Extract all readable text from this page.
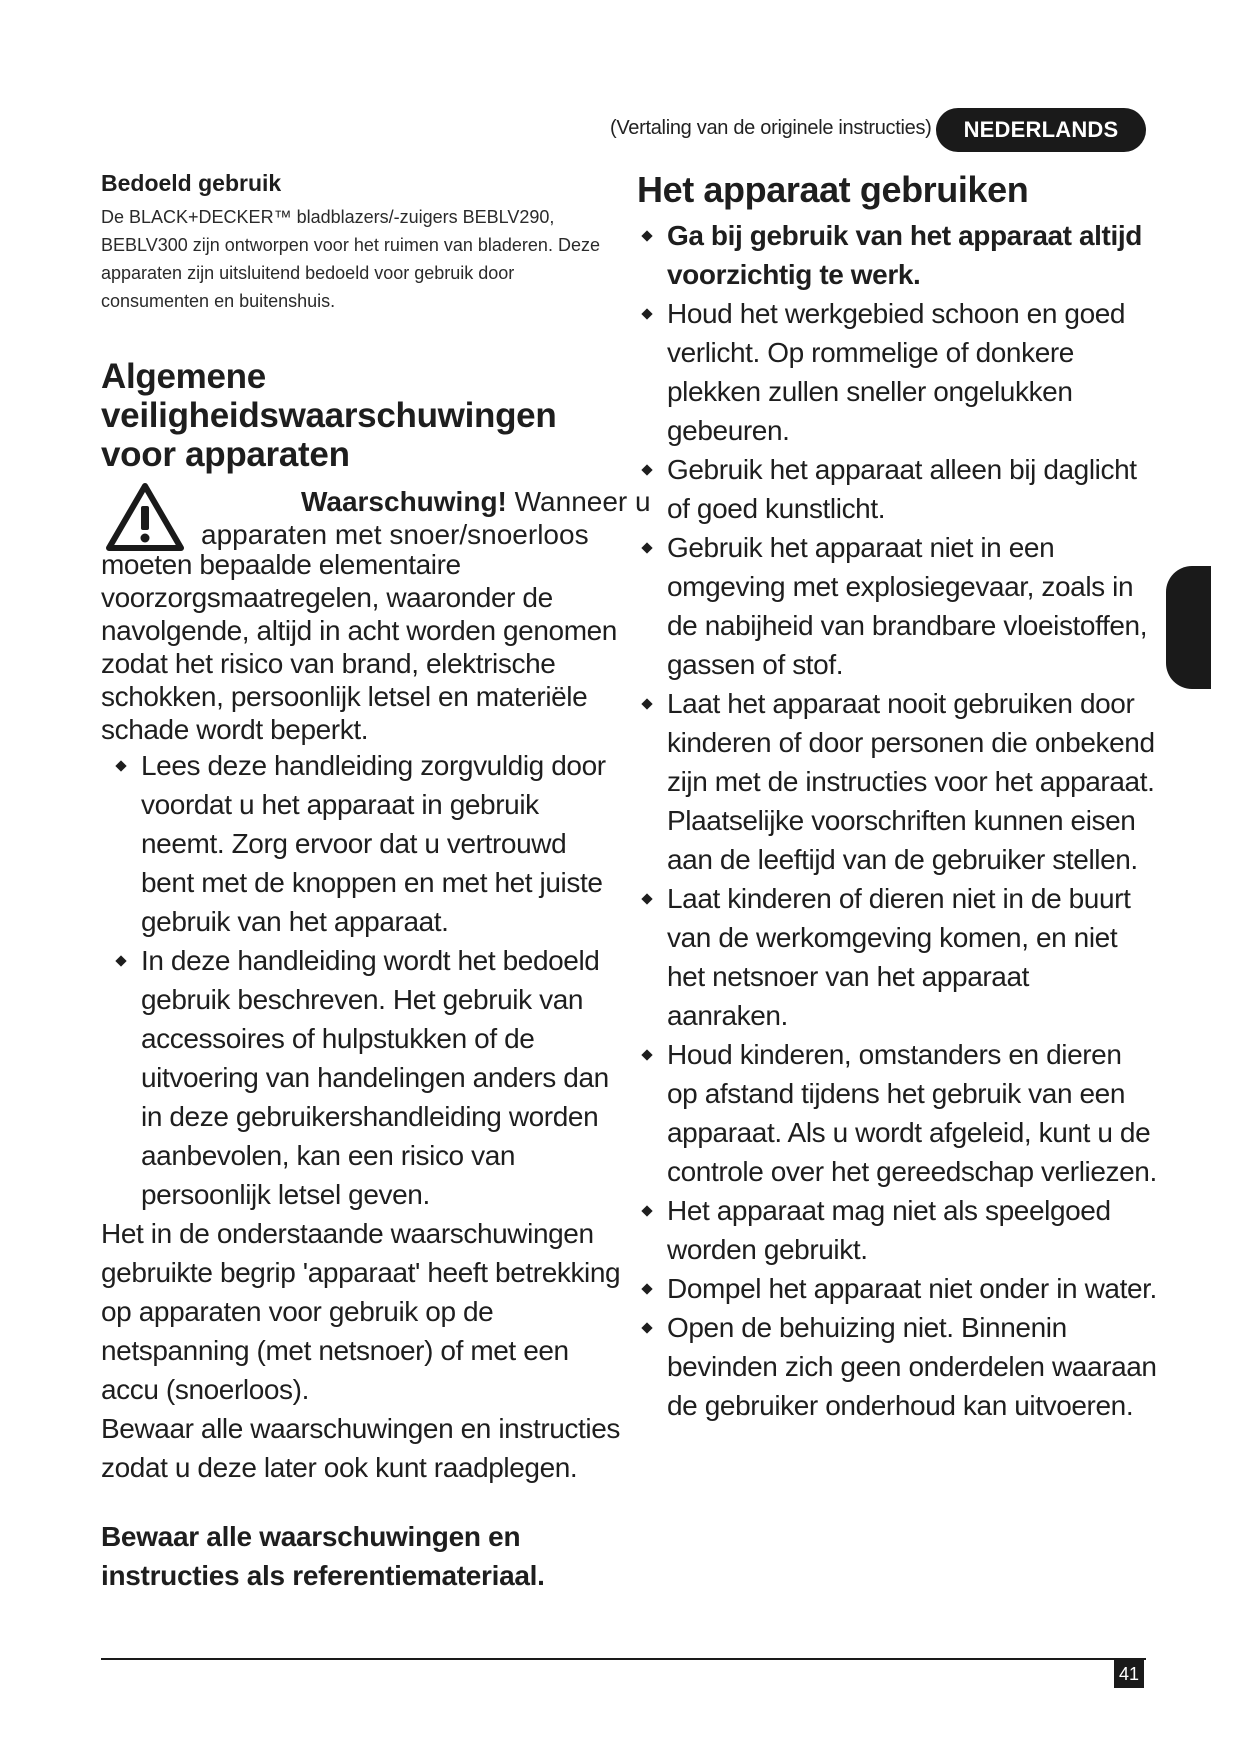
(Vertaling van de originele instructies)	NEDERLANDS
Bedoeld gebruik

De BLACK+DECKER™ bladblazers/-zuigers BEBLV290, BEBLV300 zijn ontworpen voor het ruimen van bladeren. Deze apparaten zijn uitsluitend bedoeld voor gebruik door consumenten en buitenshuis.

Algemene veiligheidswaarschuwingen voor apparaten
Waarschuwing! Wanneer u
apparaten met snoer/snoerloos

moeten bepaalde elementaire voorzorgsmaatregelen, waaronder de navolgende, altijd in acht worden genomen zodat het risico van brand, elektrische schokken, persoonlijk letsel en materiële schade wordt beperkt.

Lees deze handleiding zorgvuldig door voordat u het apparaat in gebruik neemt. Zorg ervoor dat u vertrouwd bent met de knoppen en met het juiste gebruik van het apparaat.
In deze handleiding wordt het bedoeld gebruik beschreven. Het gebruik van accessoires of hulpstukken of de uitvoering van handelingen anders dan in deze gebruikershandleiding worden aanbevolen, kan een risico van persoonlijk letsel geven.

Het in de onderstaande waarschuwingen gebruikte begrip 'apparaat' heeft betrekking op apparaten voor gebruik op de netspanning (met netsnoer) of met een accu (snoerloos).

Bewaar alle waarschuwingen en instructies zodat u deze later ook kunt raadplegen.

Bewaar alle waarschuwingen en instructies als referentiemateriaal.

Het apparaat gebruiken
Ga bij gebruik van het apparaat altijd voorzichtig te werk.
Houd het werkgebied schoon en goed verlicht. Op rommelige of donkere plekken zullen sneller ongelukken gebeuren.
Gebruik het apparaat alleen bij daglicht of goed kunstlicht.
Gebruik het apparaat niet in een omgeving met explosiegevaar, zoals in de nabijheid van brandbare vloeistoffen, gassen of stof.
Laat het apparaat nooit gebruiken door kinderen of door personen die onbekend zijn met de instructies voor het apparaat. Plaatselijke voorschriften kunnen eisen aan de leeftijd van de gebruiker stellen.
Laat kinderen of dieren niet in de buurt van de werkomgeving komen, en niet het netsnoer van het apparaat aanraken.
Houd kinderen, omstanders en dieren op afstand tijdens het gebruik van een apparaat. Als u wordt afgeleid, kunt u de controle over het gereedschap verliezen.
Het apparaat mag niet als speelgoed worden gebruikt.
Dompel het apparaat niet onder in water.
Open de behuizing niet. Binnenin bevinden zich geen onderdelen waaraan de gebruiker onderhoud kan uitvoeren.
41
